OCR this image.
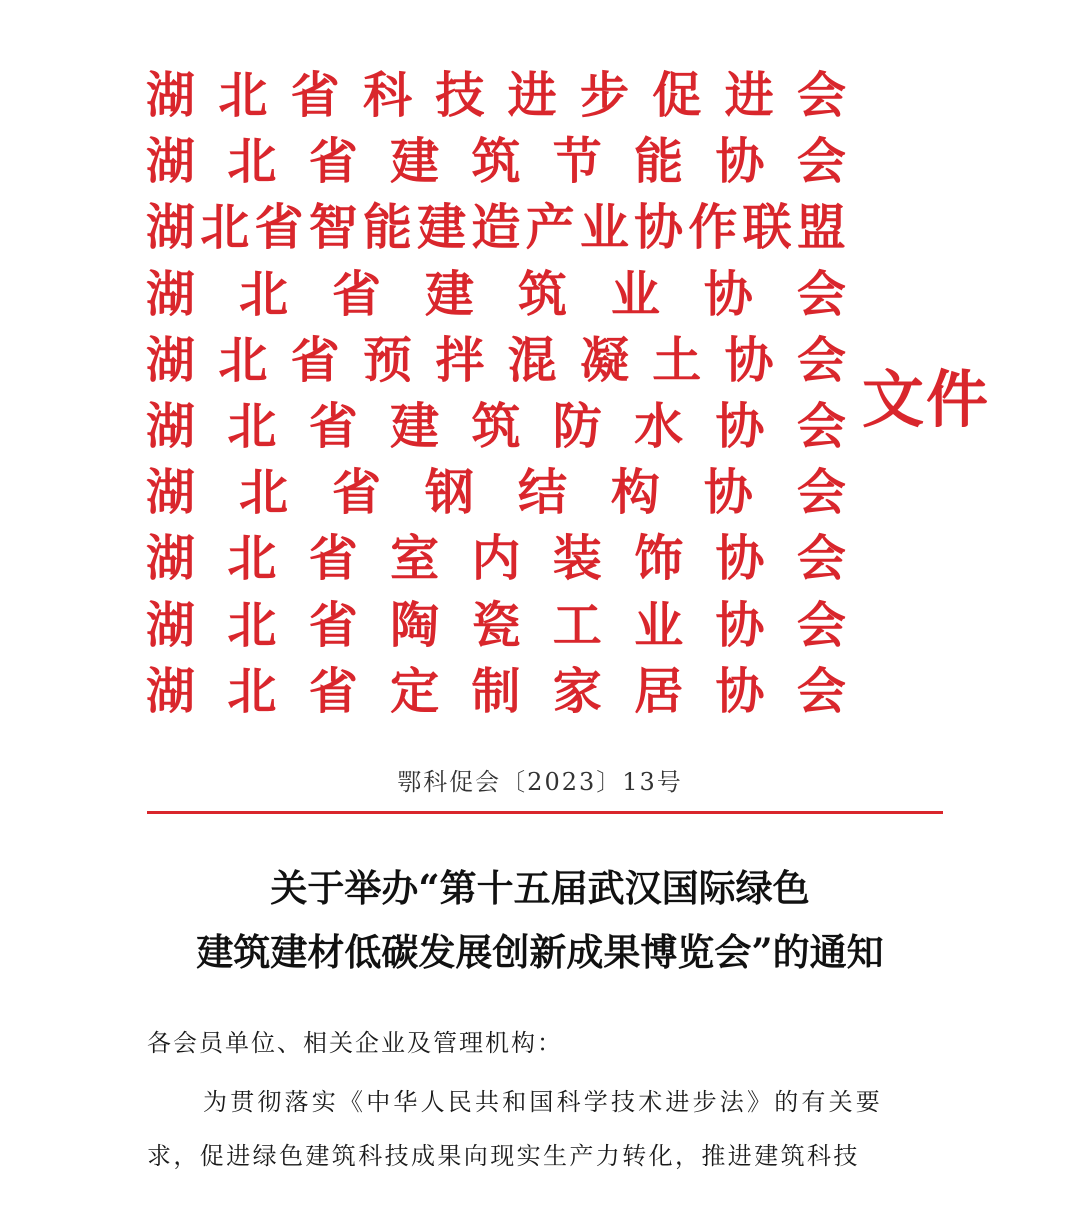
湖 北 省 科 技 进 步 促 进 会
湖 北 省 建 筑 节 能 协 会
湖 北 省 智 能 建 造 产 业 协 作 联 盟
湖 北 省 建 筑 业 协 会
湖 北 省 预 拌 混 凝 土 协 会
湖 北 省 建 筑 防 水 协 会
湖 北 省 钢 结 构 协 会
湖 北 省 室 内 装 饰 协 会
湖 北 省 陶 瓷 工 业 协 会
湖 北 省 定 制 家 居 协 会
文件
鄂科促会〔2023〕13号
关于举办“第十五届武汉国际绿色
建筑建材低碳发展创新成果博览会”的通知
各会员单位、相关企业及管理机构：
为贯彻落实《中华人民共和国科学技术进步法》的有关要
求，促进绿色建筑科技成果向现实生产力转化，推进建筑科技
